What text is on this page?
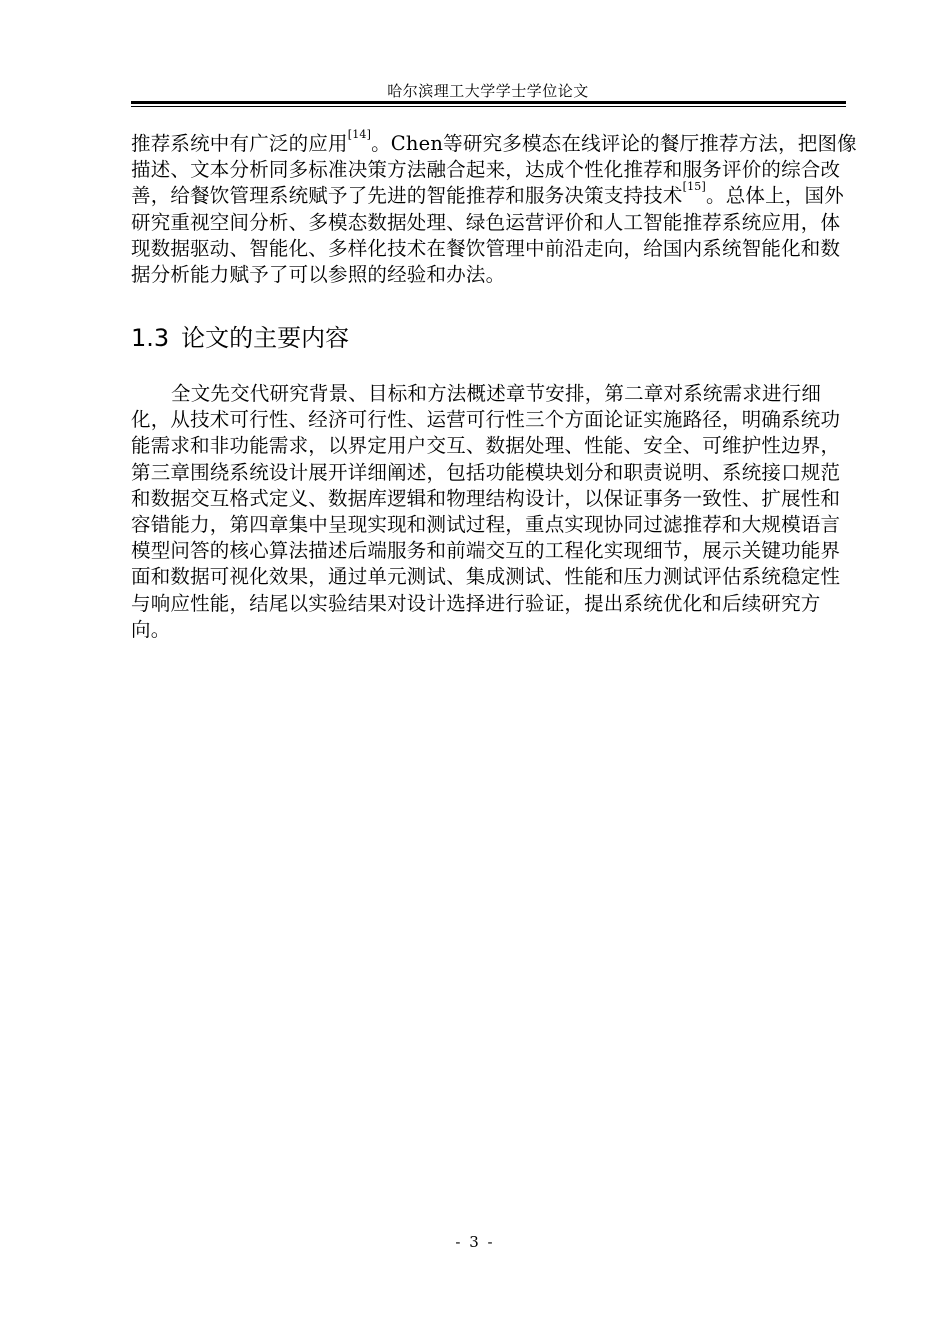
哈尔滨理工大学学士学位论文

推荐系统中有广泛的应用[14]。Chen等研究多模态在线评论的餐厅推荐方法，把图像描述、文本分析同多标准决策方法融合起来，达成个性化推荐和服务评价的综合改善，给餐饮管理系统赋予了先进的智能推荐和服务决策支持技术[15]。总体上，国外研究重视空间分析、多模态数据处理、绿色运营评价和人工智能推荐系统应用，体现数据驱动、智能化、多样化技术在餐饮管理中前沿走向，给国内系统智能化和数据分析能力赋予了可以参照的经验和办法。

1.3 论文的主要内容

全文先交代研究背景、目标和方法概述章节安排，第二章对系统需求进行细化，从技术可行性、经济可行性、运营可行性三个方面论证实施路径，明确系统功能需求和非功能需求，以界定用户交互、数据处理、性能、安全、可维护性边界，第三章围绕系统设计展开详细阐述，包括功能模块划分和职责说明、系统接口规范和数据交互格式定义、数据库逻辑和物理结构设计，以保证事务一致性、扩展性和容错能力，第四章集中呈现实现和测试过程，重点实现协同过滤推荐和大规模语言模型问答的核心算法描述后端服务和前端交互的工程化实现细节，展示关键功能界面和数据可视化效果，通过单元测试、集成测试、性能和压力测试评估系统稳定性与响应性能，结尾以实验结果对设计选择进行验证，提出系统优化和后续研究方向。

- 3 -
